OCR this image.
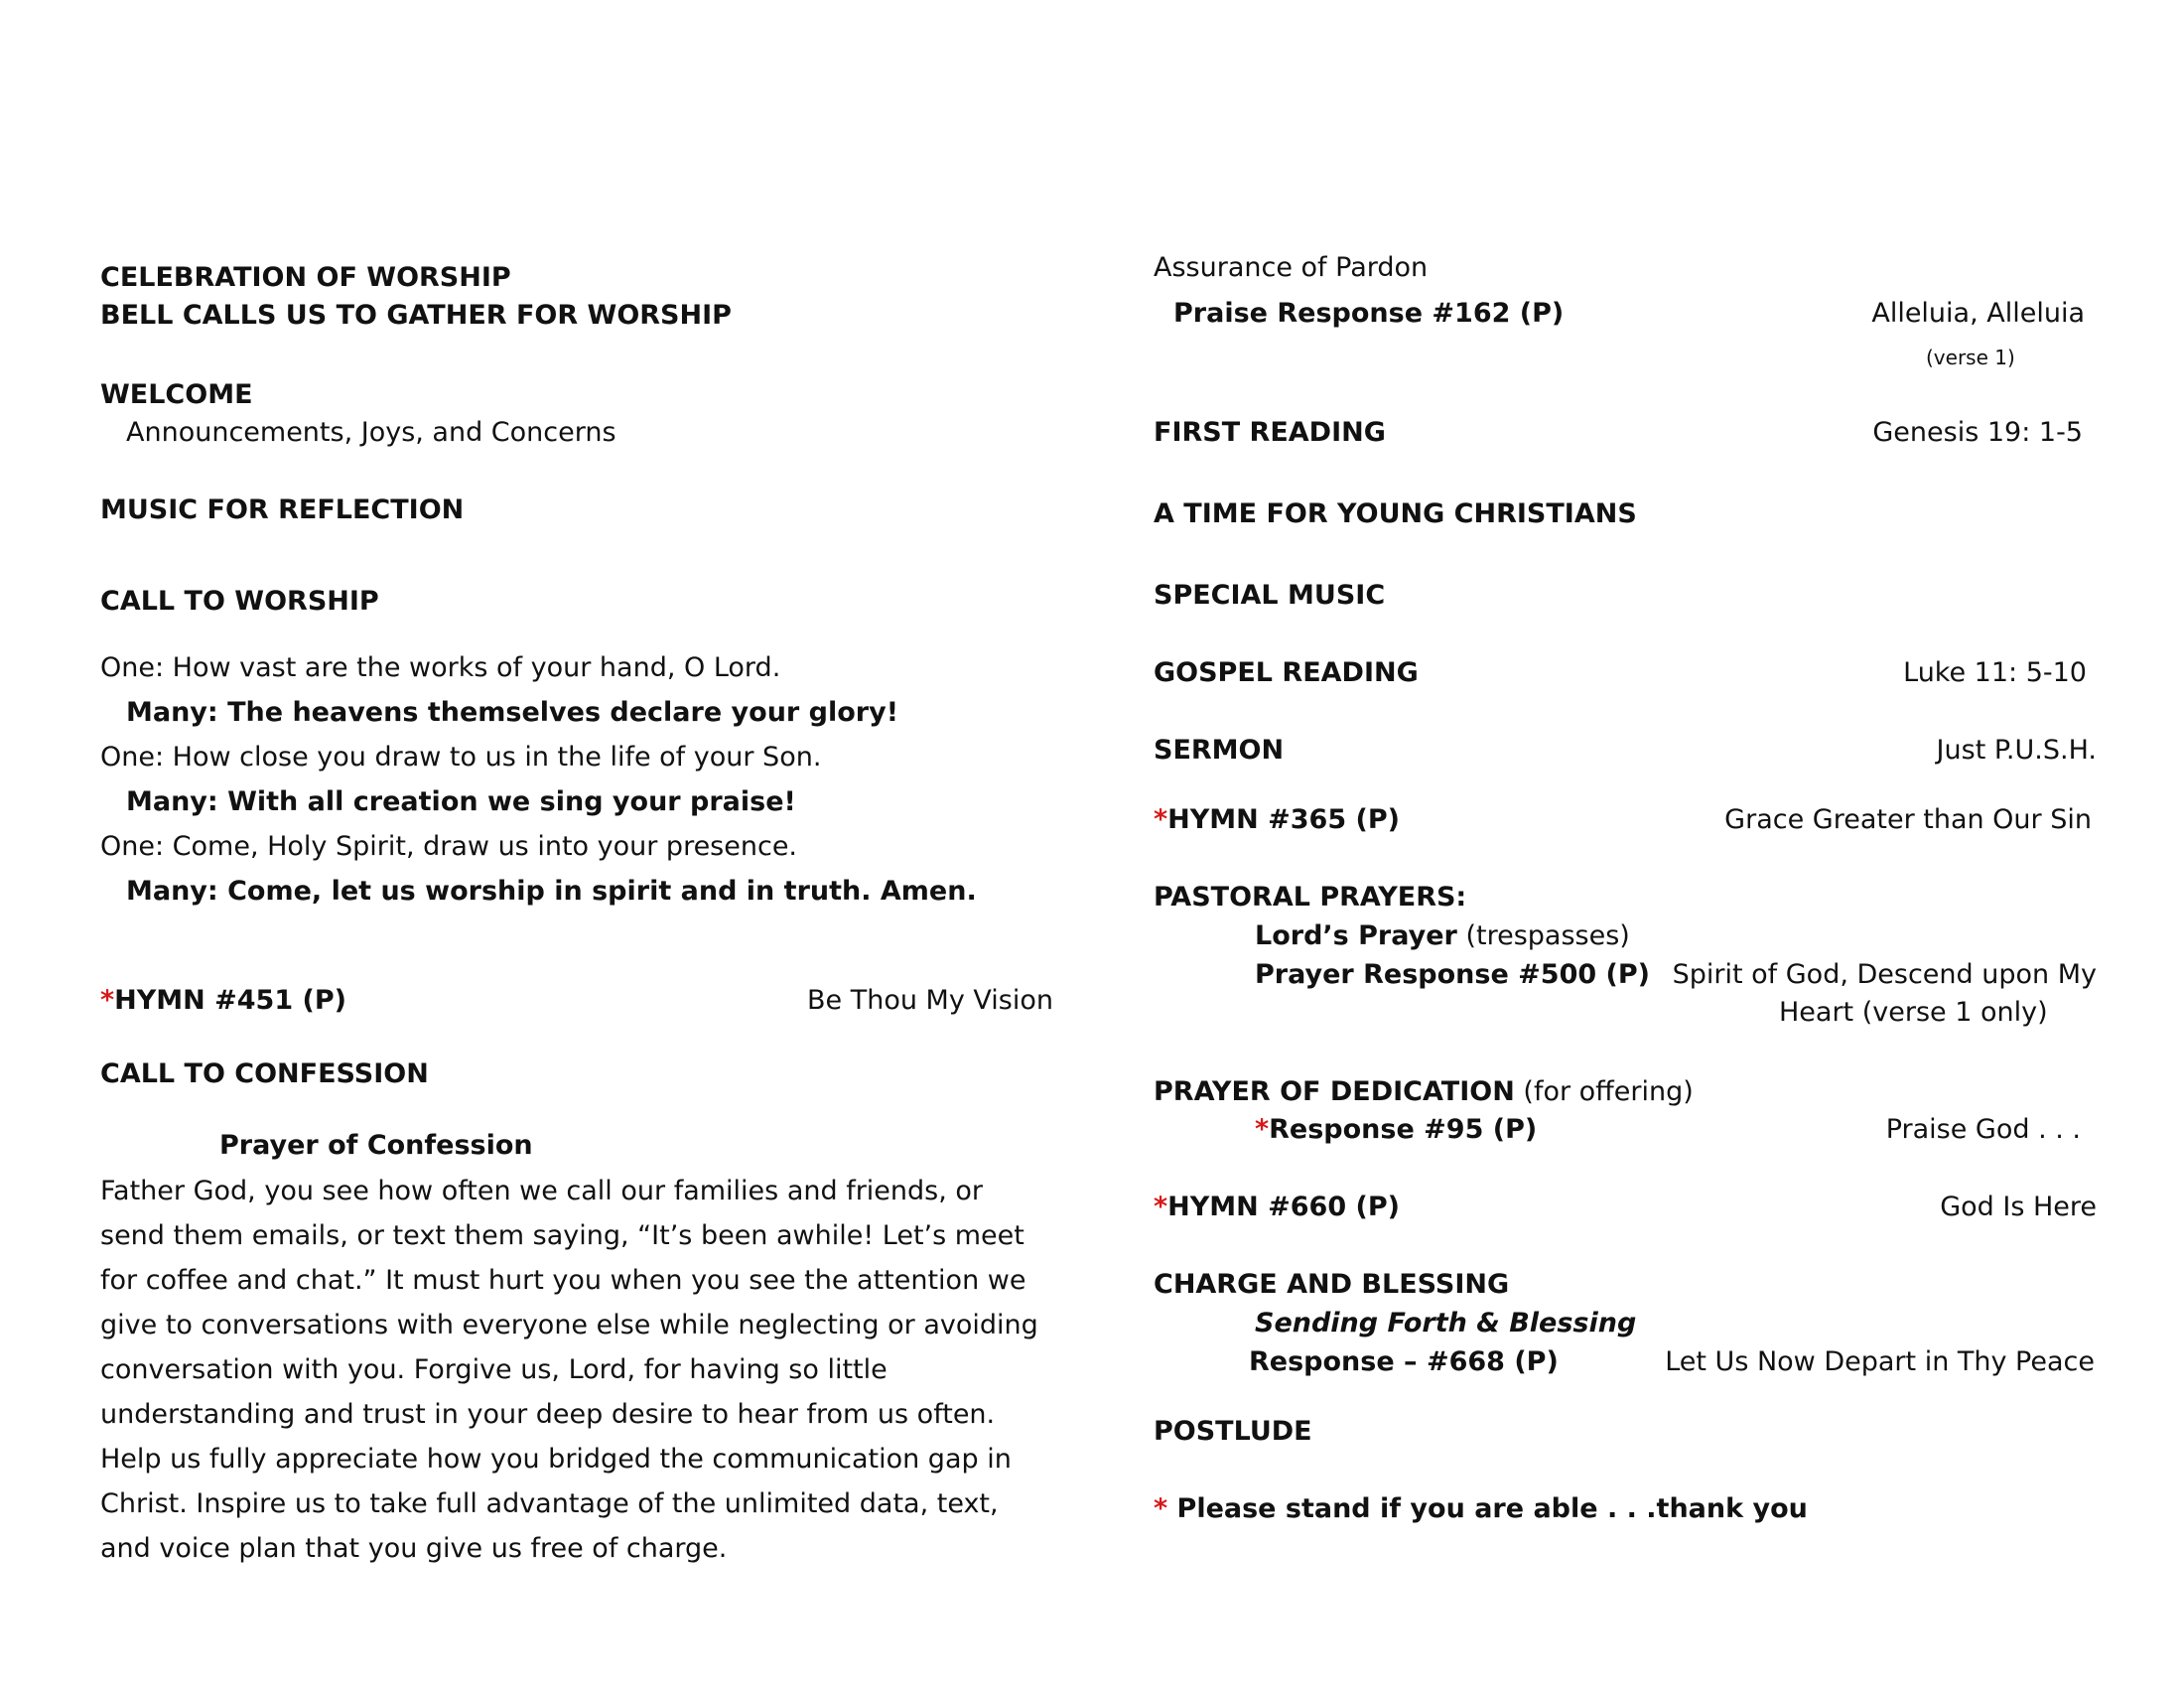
CELEBRATION OF WORSHIP
BELL CALLS US TO GATHER FOR WORSHIP
WELCOME
Announcements, Joys, and Concerns
MUSIC FOR REFLECTION
CALL TO WORSHIP
One: How vast are the works of your hand, O Lord.
Many: The heavens themselves declare your glory!
One: How close you draw to us in the life of your Son.
Many: With all creation we sing your praise!
One: Come, Holy Spirit, draw us into your presence.
Many: Come, let us worship in spirit and in truth. Amen.
*HYMN #451 (P)	Be Thou My Vision
CALL TO CONFESSION
Prayer of Confession
Father God, you see how often we call our families and friends, or send them emails, or text them saying, “It’s been awhile! Let’s meet for coffee and chat.” It must hurt you when you see the attention we give to conversations with everyone else while neglecting or avoiding conversation with you. Forgive us, Lord, for having so little understanding and trust in your deep desire to hear from us often. Help us fully appreciate how you bridged the communication gap in Christ. Inspire us to take full advantage of the unlimited data, text, and voice plan that you give us free of charge.
Assurance of Pardon
Praise Response #162 (P)	Alleluia, Alleluia
(verse 1)
FIRST READING	Genesis 19: 1-5
A TIME FOR YOUNG CHRISTIANS
SPECIAL MUSIC
GOSPEL READING	Luke 11: 5-10
SERMON	Just P.U.S.H.
*HYMN #365 (P)	Grace Greater than Our Sin
PASTORAL PRAYERS:
Lord’s Prayer (trespasses)
Prayer Response #500 (P) Spirit of God, Descend upon My
Heart (verse 1 only)
PRAYER OF DEDICATION (for offering)
*Response #95 (P)	Praise God . . .
*HYMN #660 (P)	God Is Here
CHARGE AND BLESSING
Sending Forth & Blessing
Response – #668 (P)	Let Us Now Depart in Thy Peace
POSTLUDE
* Please stand if you are able . . .thank you
